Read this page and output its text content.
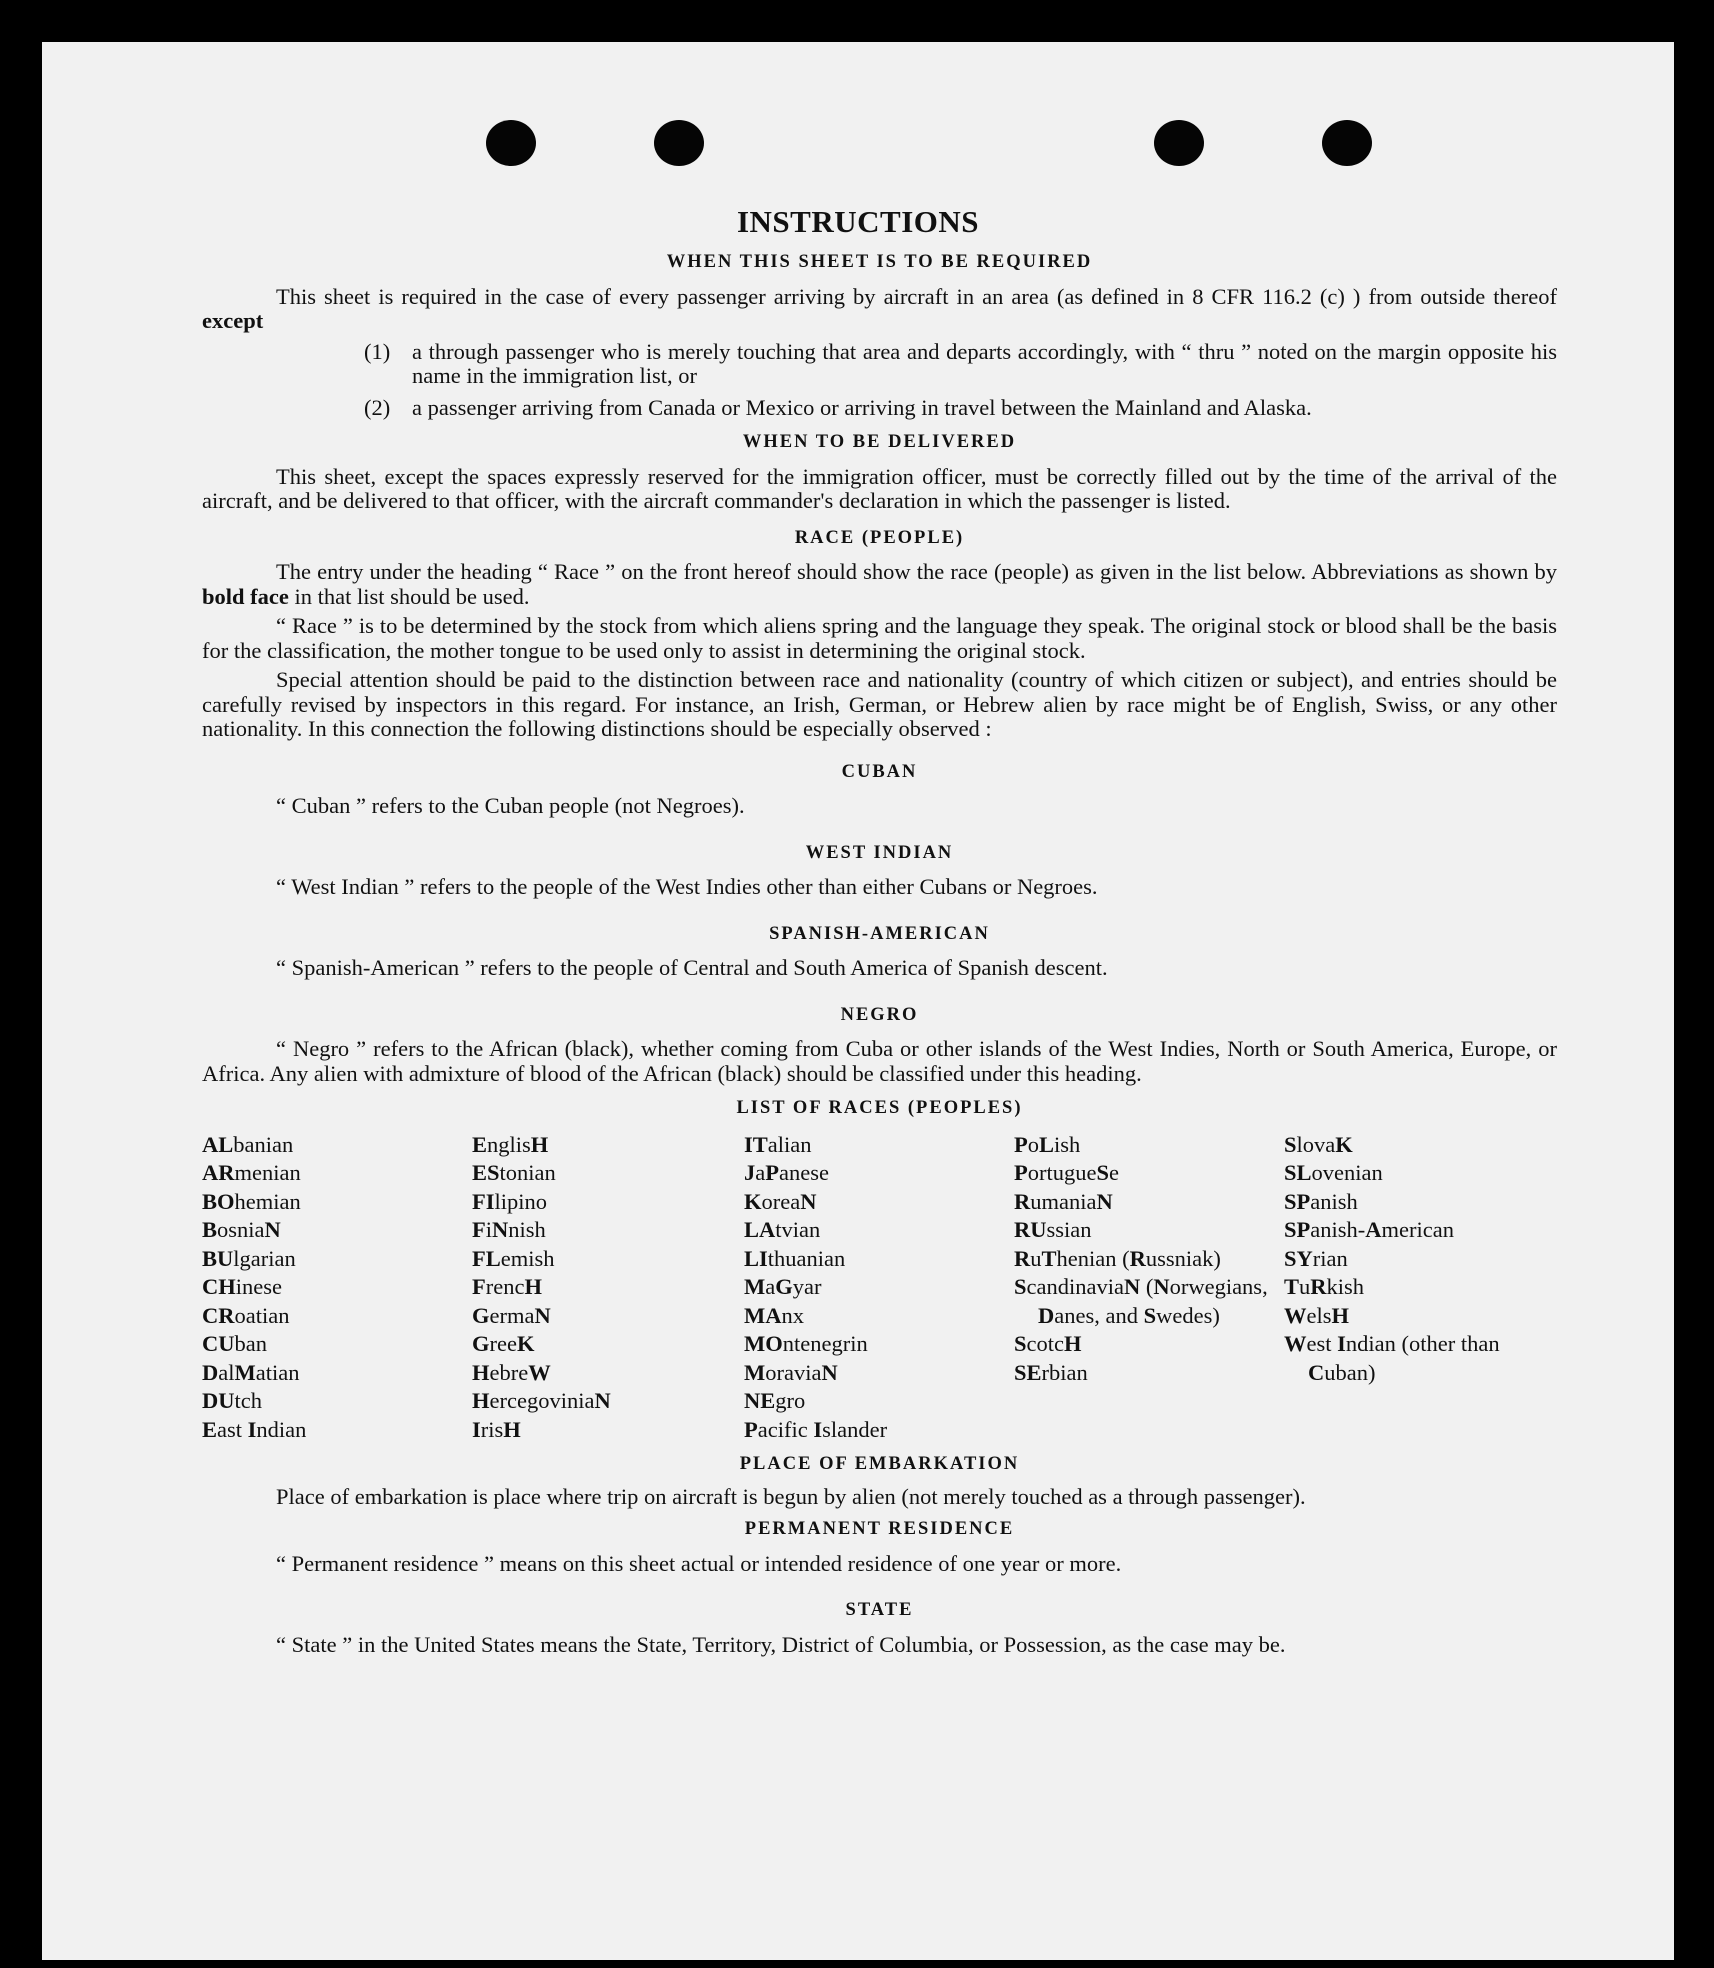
INSTRUCTIONS

WHEN THIS SHEET IS TO BE REQUIRED

This sheet is required in the case of every passenger arriving by aircraft in an area (as defined in 8 CFR 116.2 (c) ) from outside thereof except

(1) a through passenger who is merely touching that area and departs accordingly, with “ thru ” noted on the margin opposite his name in the immigration list, or
(2) a passenger arriving from Canada or Mexico or arriving in travel between the Mainland and Alaska.

WHEN TO BE DELIVERED

This sheet, except the spaces expressly reserved for the immigration officer, must be correctly filled out by the time of the arrival of the aircraft, and be delivered to that officer, with the aircraft commander's declaration in which the passenger is listed.

RACE (PEOPLE)

The entry under the heading “ Race ” on the front hereof should show the race (people) as given in the list below. Abbreviations as shown by bold face in that list should be used.

“ Race ” is to be determined by the stock from which aliens spring and the language they speak. The original stock or blood shall be the basis for the classification, the mother tongue to be used only to assist in determining the original stock.

Special attention should be paid to the distinction between race and nationality (country of which citizen or subject), and entries should be carefully revised by inspectors in this regard. For instance, an Irish, German, or Hebrew alien by race might be of English, Swiss, or any other nationality. In this connection the following distinctions should be especially observed :

CUBAN

“ Cuban ” refers to the Cuban people (not Negroes).

WEST INDIAN

“ West Indian ” refers to the people of the West Indies other than either Cubans or Negroes.

SPANISH-AMERICAN

“ Spanish-American ” refers to the people of Central and South America of Spanish descent.

NEGRO

“ Negro ” refers to the African (black), whether coming from Cuba or other islands of the West Indies, North or South America, Europe, or Africa. Any alien with admixture of blood of the African (black) should be classified under this heading.

LIST OF RACES (PEOPLES)

ALbanian
ARmenian
BOhemian
BosniaN
BUlgarian
CHinese
CRoatian
CUban
DalMatian
DUtch
East Indian
EnglisH
EStonian
FIlipino
FiNnish
FLemish
FrencH
GermaN
GreeK
HebreW
HercegoviniaN
IrisH
ITalian
JaPanese
KoreaN
LAtvian
LIthuanian
MaGyar
MAnx
MOntenegrin
MoraviaN
NEgro
Pacific Islander
PoLish
PortugueSe
RumaniaN
RUssian
RuThenian (Russniak)
ScandinaviaN (Norwegians, Danes, and Swedes)
ScotcH
SErbian
SlovaK
SLovenian
SPanish
SPanish-American
SYrian
TuRkish
WelsH
West Indian (other than Cuban)

PLACE OF EMBARKATION

Place of embarkation is place where trip on aircraft is begun by alien (not merely touched as a through passenger).

PERMANENT RESIDENCE

“ Permanent residence ” means on this sheet actual or intended residence of one year or more.

STATE

“ State ” in the United States means the State, Territory, District of Columbia, or Possession, as the case may be.
